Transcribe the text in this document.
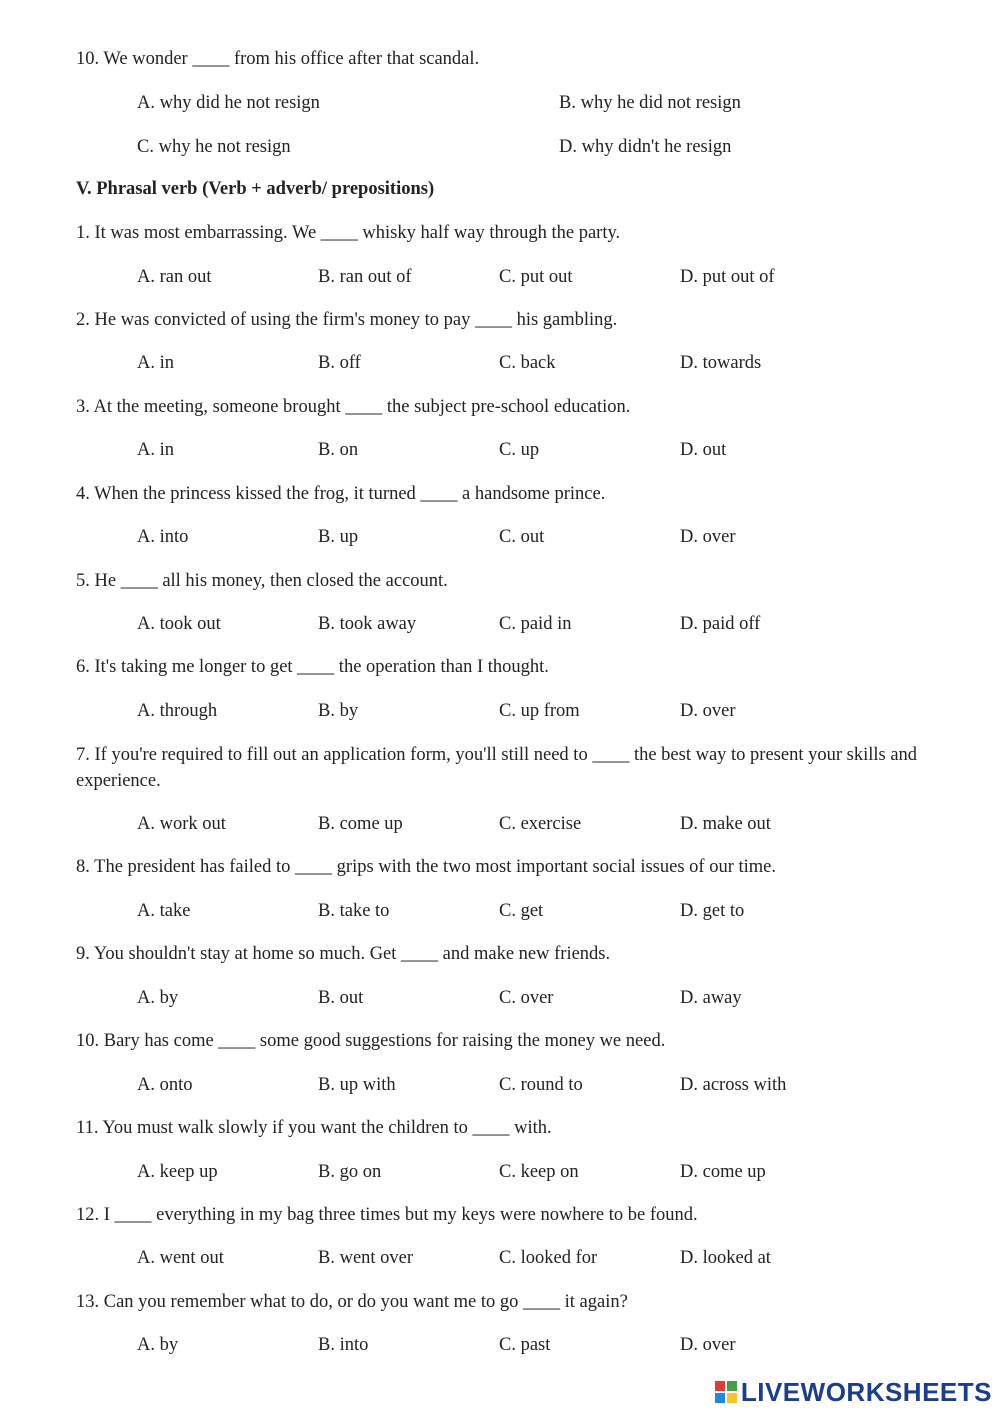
10. We wonder ____ from his office after that scandal.
A. why did he not resign	B. why he did not resign
C. why he not resign	D. why didn't he resign
V. Phrasal verb (Verb + adverb/ prepositions)
1. It was most embarrassing. We ____ whisky half way through the party.
A. ran out	B. ran out of	C. put out	D. put out of
2. He was convicted of using the firm's money to pay ____ his gambling.
A. in	B. off	C. back	D. towards
3. At the meeting, someone brought ____ the subject pre-school education.
A. in	B. on	C. up	D. out
4. When the princess kissed the frog, it turned ____ a handsome prince.
A. into	B. up	C. out	D. over
5. He ____ all his money, then closed the account.
A. took out	B. took away	C. paid in	D. paid off
6. It's taking me longer to get ____ the operation than I thought.
A. through	B. by	C. up from	D. over
7. If you're required to fill out an application form, you'll still need to ____ the best way to present your skills and experience.
A. work out	B. come up	C. exercise	D. make out
8. The president has failed to ____ grips with the two most important social issues of our time.
A. take	B. take to	C. get	D. get to
9. You shouldn't stay at home so much. Get ____ and make new friends.
A. by	B. out	C. over	D. away
10. Bary has come ____ some good suggestions for raising the money we need.
A. onto	B. up with	C. round to	D. across with
11. You must walk slowly if you want the children to ____ with.
A. keep up	B. go on	C. keep on	D. come up
12. I ____ everything in my bag three times but my keys were nowhere to be found.
A. went out	B. went over	C. looked for	D. looked at
13. Can you remember what to do, or do you want me to go ____ it again?
A. by	B. into	C. past	D. over
LIVEWORKSHEETS
